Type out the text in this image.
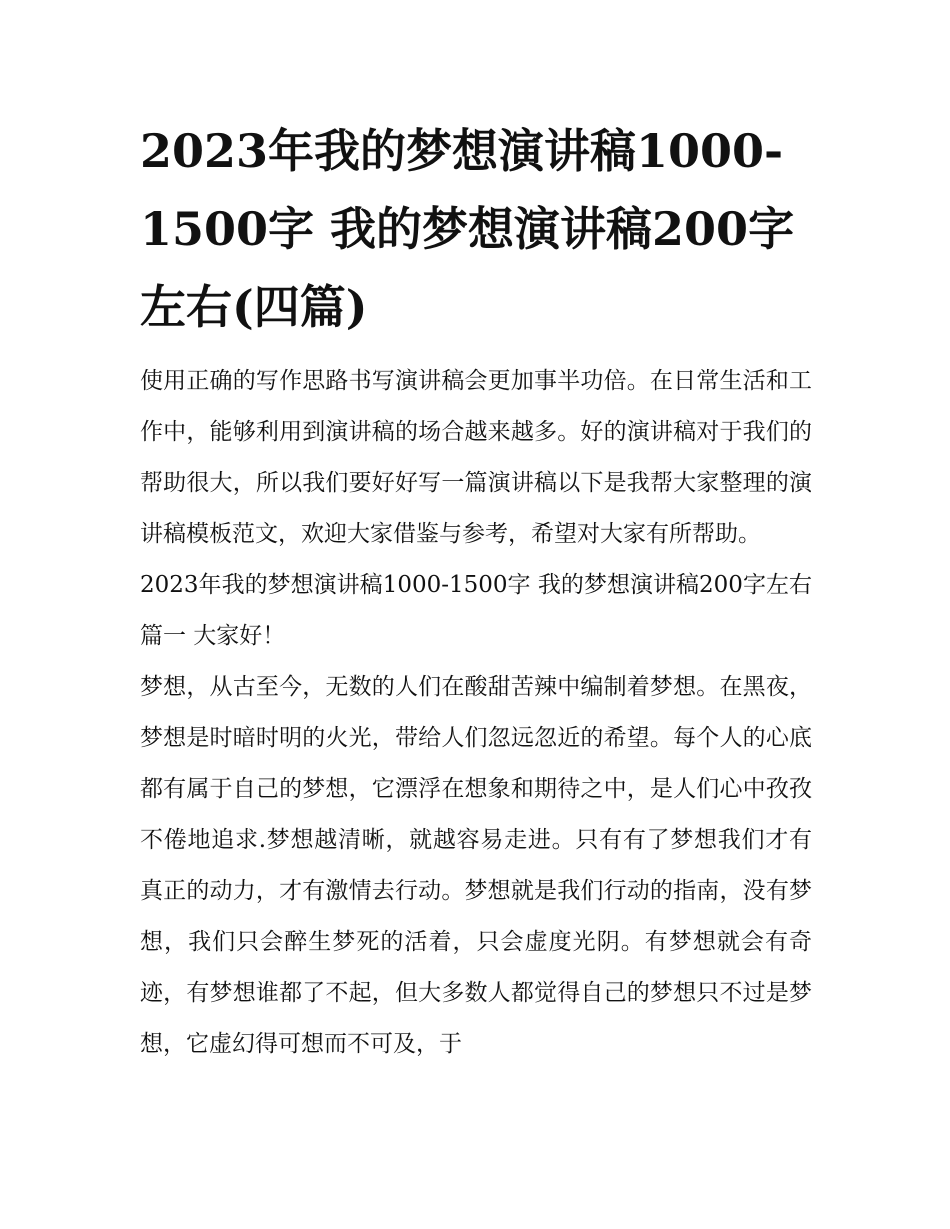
2023年我的梦想演讲稿1000-1500字 我的梦想演讲稿200字左右(四篇)

使用正确的写作思路书写演讲稿会更加事半功倍。在日常生活和工作中，能够利用到演讲稿的场合越来越多。好的演讲稿对于我们的帮助很大，所以我们要好好写一篇演讲稿以下是我帮大家整理的演讲稿模板范文，欢迎大家借鉴与参考，希望对大家有所帮助。

2023年我的梦想演讲稿1000-1500字 我的梦想演讲稿200字左右篇一 大家好！

梦想，从古至今，无数的人们在酸甜苦辣中编制着梦想。在黑夜，梦想是时暗时明的火光，带给人们忽远忽近的希望。每个人的心底都有属于自己的梦想，它漂浮在想象和期待之中，是人们心中孜孜不倦地追求.梦想越清晰，就越容易走进。只有有了梦想我们才有真正的动力，才有激情去行动。梦想就是我们行动的指南，没有梦想，我们只会醉生梦死的活着，只会虚度光阴。有梦想就会有奇迹，有梦想谁都了不起，但大多数人都觉得自己的梦想只不过是梦想，它虚幻得可想而不可及，于
